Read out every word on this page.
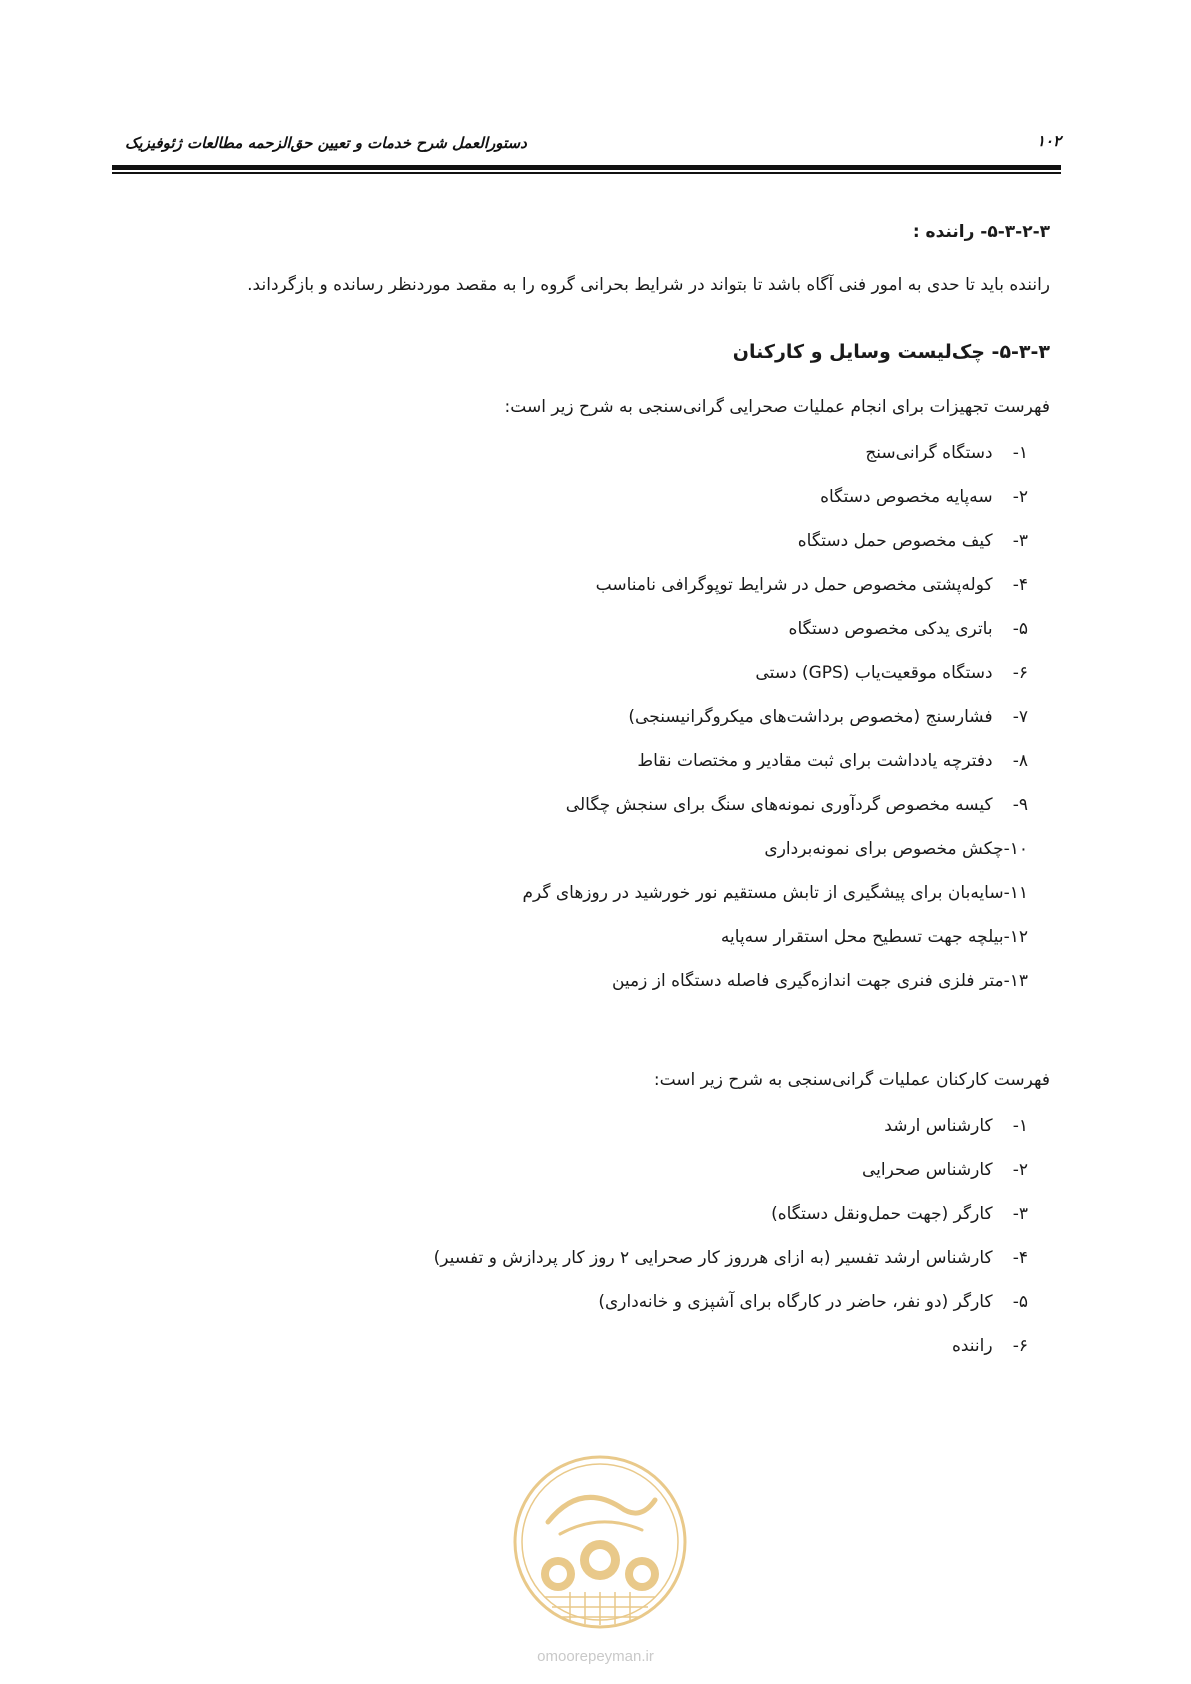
دستورالعمل شرح خدمات و تعیین حق‌الزحمه مطالعات ژئوفیزیک	۱۰۲
۵-۳-۲-۳- راننده :
راننده باید تا حدی به امور فنی آگاه باشد تا بتواند در شرایط بحرانی گروه را به مقصد موردنظر رسانده و بازگرداند.
۵-۳-۳- چک‌لیست وسایل و کارکنان
فهرست تجهیزات برای انجام عملیات صحرایی گرانی‌سنجی به شرح زیر است:
۱- دستگاه گرانی‌سنج
۲- سه‌پایه مخصوص دستگاه
۳- کیف مخصوص حمل دستگاه
۴- کوله‌پشتی مخصوص حمل در شرایط توپوگرافی نامناسب
۵- باتری یدکی مخصوص دستگاه
۶- دستگاه موقعیت‌یاب (GPS) دستی
۷- فشارسنج (مخصوص برداشت‌های میکروگرانیسنجی)
۸- دفترچه یادداشت برای ثبت مقادیر و مختصات نقاط
۹- کیسه مخصوص گردآوری نمونه‌های سنگ برای سنجش چگالی
۱۰-چکش مخصوص برای نمونه‌برداری
۱۱-سایه‌بان برای پیشگیری از تابش مستقیم نور خورشید در روزهای گرم
۱۲-بیلچه جهت تسطیح محل استقرار سه‌پایه
۱۳-متر فلزی فنری جهت اندازه‌گیری فاصله دستگاه از زمین
فهرست کارکنان عملیات گرانی‌سنجی به شرح زیر است:
۱- کارشناس ارشد
۲- کارشناس صحرایی
۳- کارگر (جهت حمل‌ونقل دستگاه)
۴- کارشناس ارشد تفسیر (به ازای هرروز کار صحرایی ۲ روز کار پردازش و تفسیر)
۵- کارگر (دو نفر، حاضر در کارگاه برای آشپزی و خانه‌داری)
۶- راننده
omoorepeyman.ir
